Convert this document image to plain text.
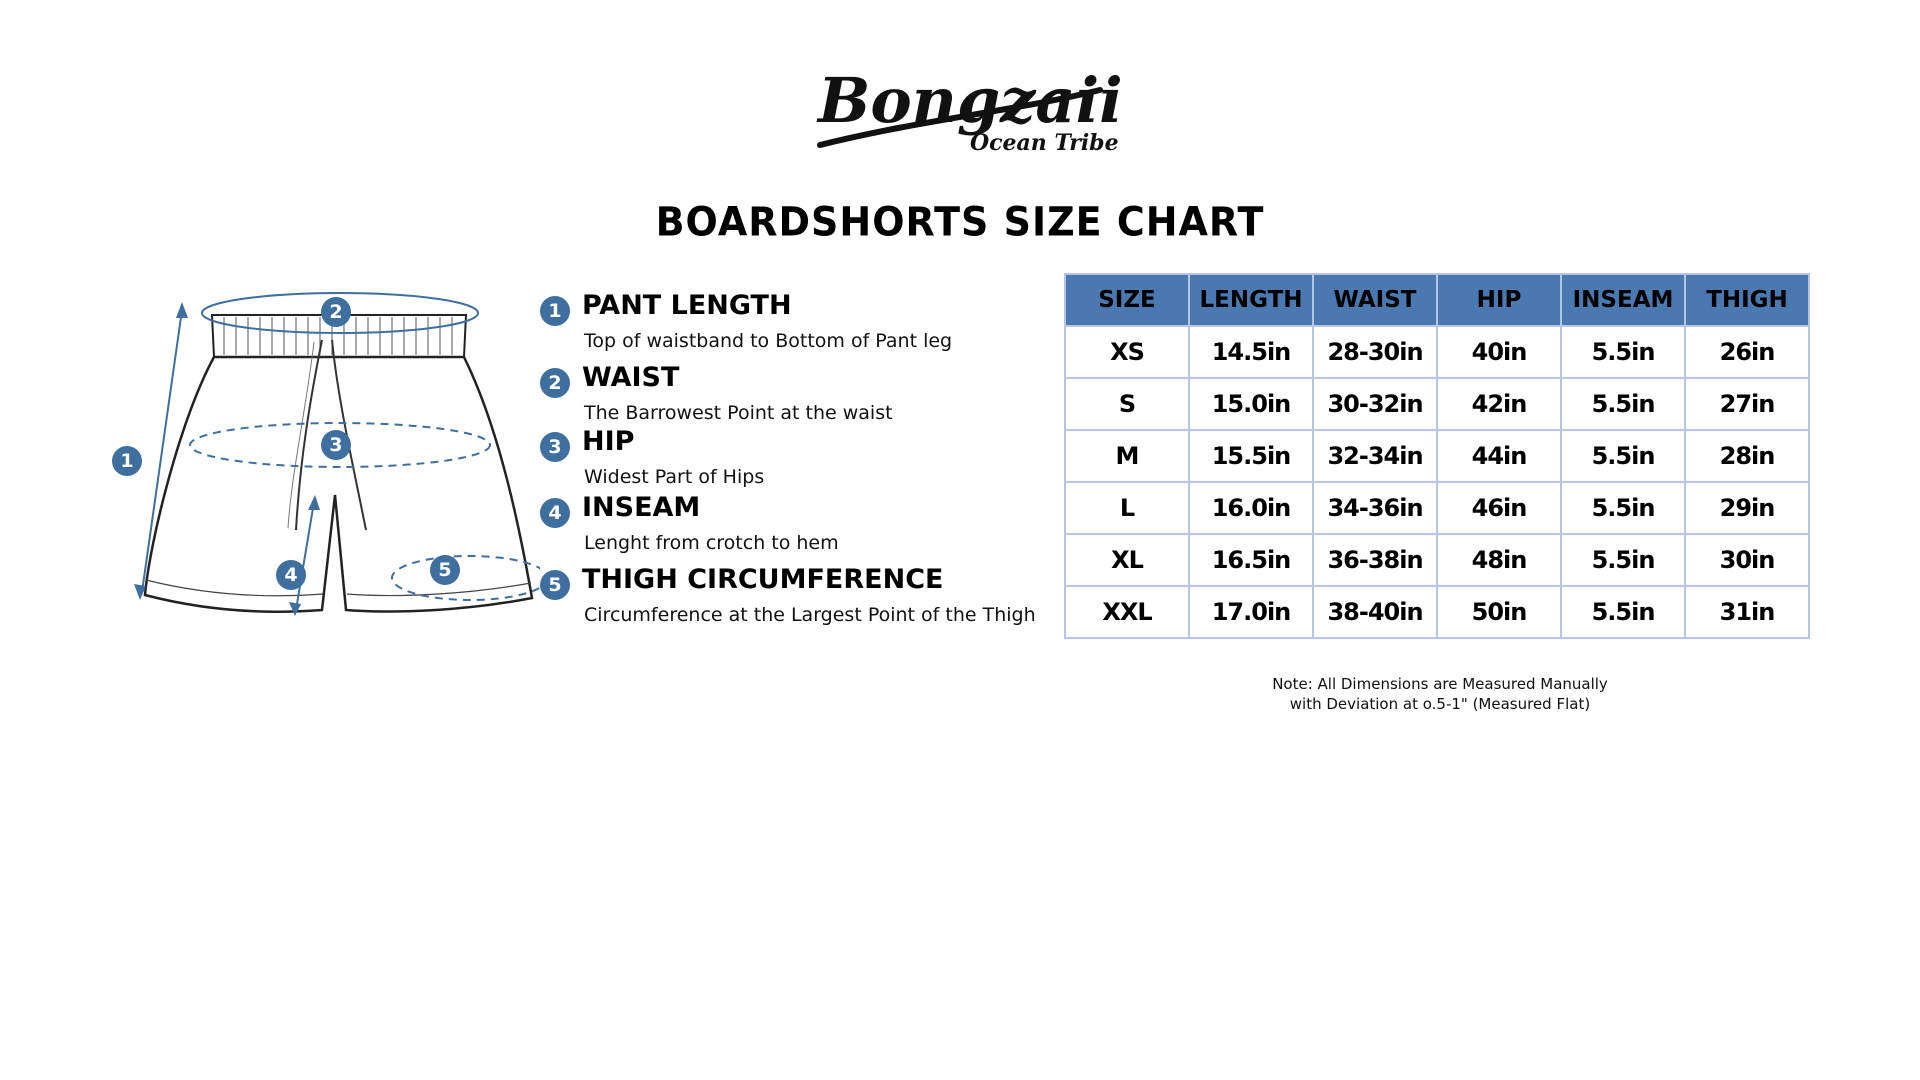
Bongzaii
Ocean Tribe
BOARDSHORTS SIZE CHART
1
2
3
4	5
1 PANT LENGTH
Top of waistband to Bottom of Pant leg
2 WAIST
The Barrowest Point at the waist
3 HIP
Widest Part of Hips
4 INSEAM
Lenght from crotch to hem
5 THIGH CIRCUMFERENCE
Circumference at the Largest Point of the Thigh
SIZE	LENGTH	WAIST	HIP	INSEAM	THIGH
XS	14.5in	28-30in	40in	5.5in	26in
S	15.0in	30-32in	42in	5.5in	27in
M	15.5in	32-34in	44in	5.5in	28in
L	16.0in	34-36in	46in	5.5in	29in
XL	16.5in	36-38in	48in	5.5in	30in
XXL	17.0in	38-40in	50in	5.5in	31in
Note: All Dimensions are Measured Manually
with Deviation at o.5-1" (Measured Flat)
